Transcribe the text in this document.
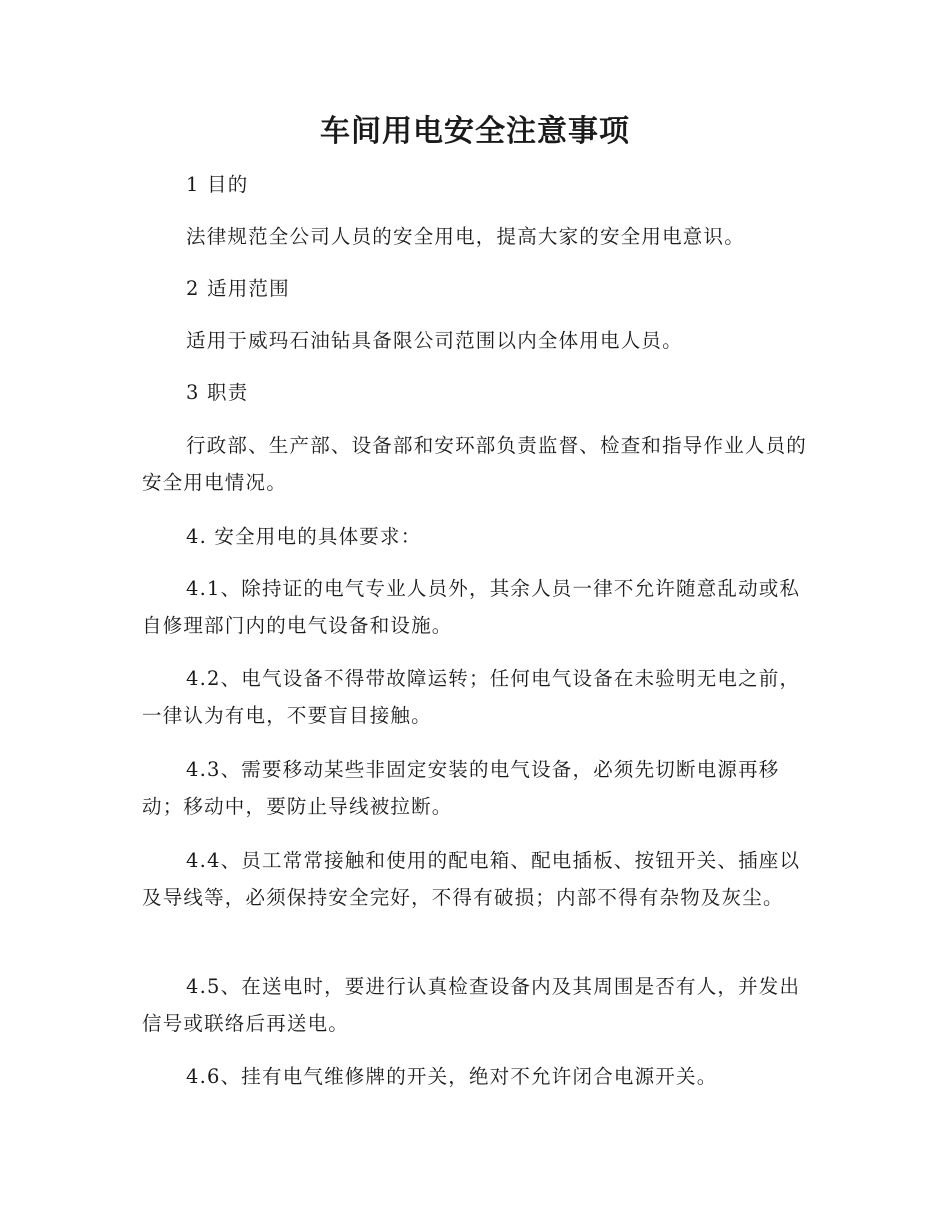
车间用电安全注意事项

1 目的

法律规范全公司人员的安全用电，提高大家的安全用电意识。

2 适用范围

适用于威玛石油钻具备限公司范围以内全体用电人员。

3 职责

行政部、生产部、设备部和安环部负责监督、检查和指导作业人员的安全用电情况。

4. 安全用电的具体要求：

4.1、除持证的电气专业人员外，其余人员一律不允许随意乱动或私自修理部门内的电气设备和设施。

4.2、电气设备不得带故障运转；任何电气设备在未验明无电之前，一律认为有电，不要盲目接触。

4.3、需要移动某些非固定安装的电气设备，必须先切断电源再移动；移动中，要防止导线被拉断。

4.4、员工常常接触和使用的配电箱、配电插板、按钮开关、插座以及导线等，必须保持安全完好，不得有破损；内部不得有杂物及灰尘。

4.5、在送电时，要进行认真检查设备内及其周围是否有人，并发出信号或联络后再送电。

4.6、挂有电气维修牌的开关，绝对不允许闭合电源开关。
